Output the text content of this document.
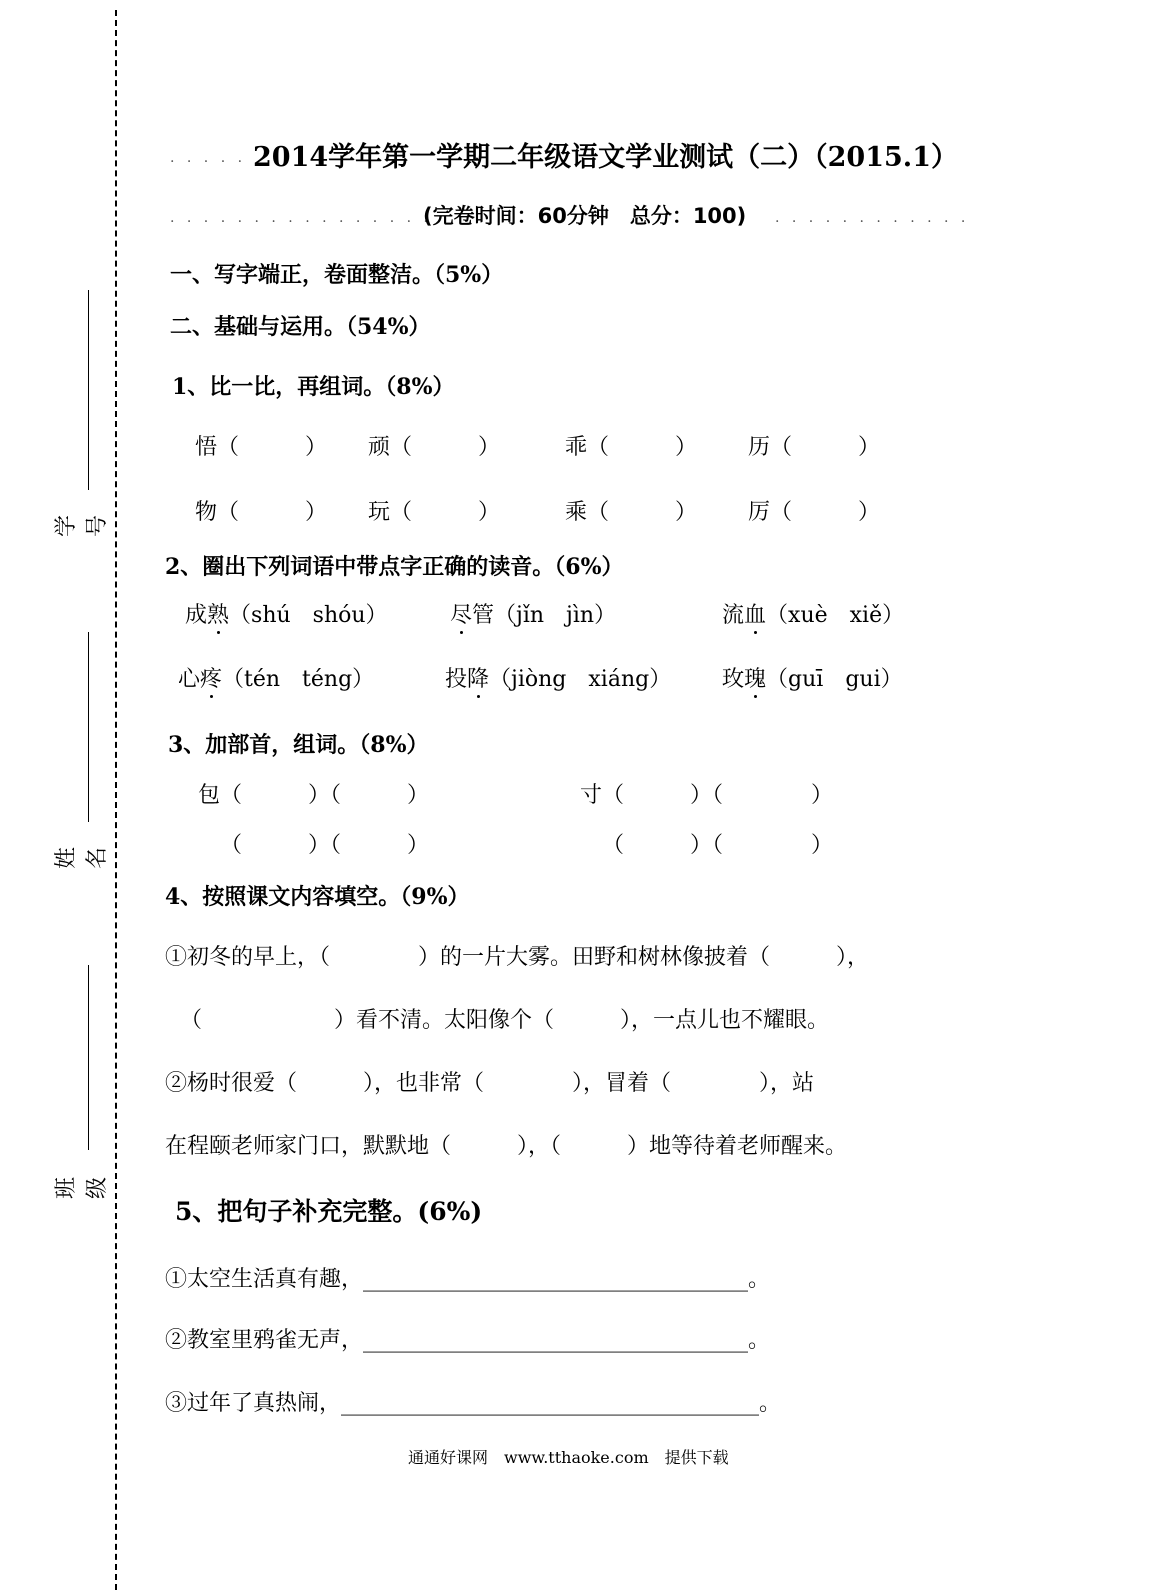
学号
姓名
班级
. . . . . 2014学年第一学期二年级语文学业测试（二）（2015.1）
. . . . . . . . . . . . . . . .
(完卷时间：60分钟　总分：100) . . . . . . . . . . . .
一、写字端正，卷面整洁。（5%）
二、基础与运用。（54%）
1、比一比，再组词。（8%）
悟（　　　） 顽（　　　）	乖（　　　） 历（　　　）
物（　　　） 玩（　　　）	乘（　　　） 厉（　　　）
2、圈出下列词语中带点字正确的读音。（6%）
成熟（shú　shóu）	尽管（jǐn　jìn）	流血（xuè　xiě）
心疼（tén　téng）	投降（jiòng　xiáng） 玫瑰（guī　gui）
3、加部首，组词。（8%）
包（　　　）（　　　）	寸（　　　）（　　　　）
（　　　）（　　　）	（　　　）（　　　　）
4、按照课文内容填空。（9%）
①初冬的早上，（　　　　）的一片大雾。田野和树林像披着（　　　），
（　　　　　　）看不清。太阳像个（　　　），一点儿也不耀眼。
②杨时很爱（　　　），也非常（　　　　），冒着（　　　　），站
在程颐老师家门口，默默地（　　　），（　　　）地等待着老师醒来。
5、把句子补充完整。(6%)
①太空生活真有趣，___________________________________。
②教室里鸦雀无声，___________________________________。
③过年了真热闹，______________________________________。
通通好课网　www.tthaoke.com　提供下载
